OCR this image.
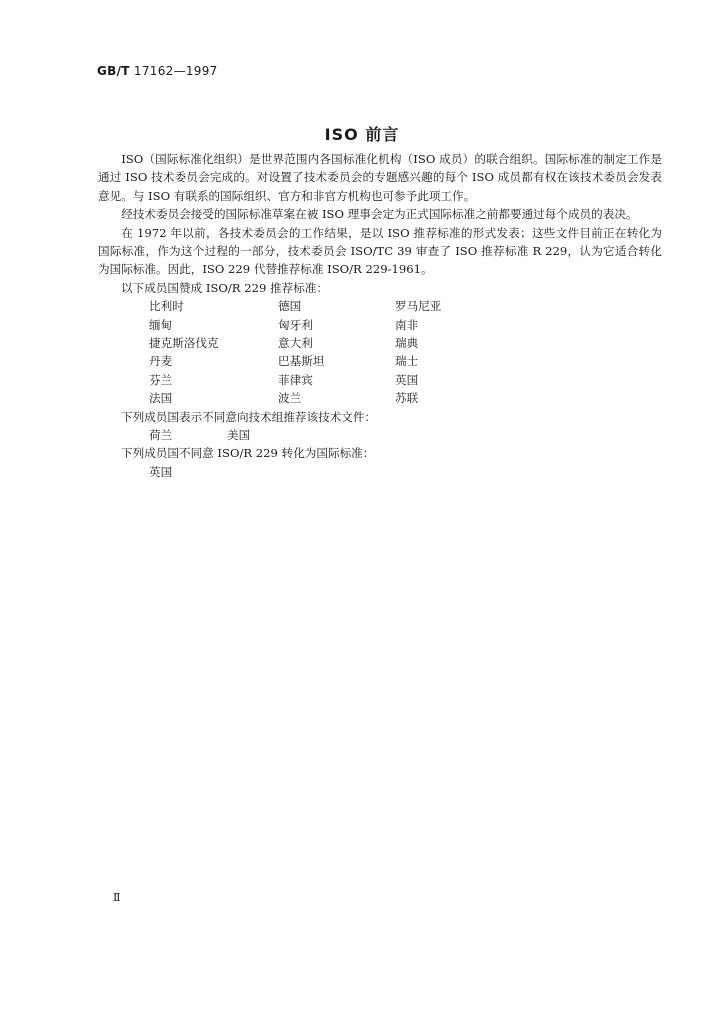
GB/T 17162—1997
ISO 前言

ISO（国际标准化组织）是世界范围内各国标准化机构（ISO 成员）的联合组织。国际标准的制定工作是通过 ISO 技术委员会完成的。对设置了技术委员会的专题感兴趣的每个 ISO 成员都有权在该技术委员会发表意见。与 ISO 有联系的国际组织、官方和非官方机构也可参予此项工作。

经技术委员会接受的国际标准草案在被 ISO 理事会定为正式国际标准之前都要通过每个成员的表决。

在 1972 年以前，各技术委员会的工作结果，是以 ISO 推荐标准的形式发表；这些文件目前正在转化为国际标准，作为这个过程的一部分，技术委员会 ISO/TC 39 审查了 ISO 推荐标准 R 229，认为它适合转化为国际标准。因此，ISO 229 代替推荐标准 ISO/R 229-1961。

以下成员国赞成 ISO/R 229 推荐标准：
比利时	德国	罗马尼亚
缅甸	匈牙利	南非
捷克斯洛伐克	意大利	瑞典
丹麦	巴基斯坦	瑞士
芬兰	菲律宾	英国
法国	波兰	苏联
下列成员国表示不同意向技术组推荐该技术文件：
荷兰	美国
下列成员国不同意 ISO/R 229 转化为国际标准：
英国
Ⅱ
